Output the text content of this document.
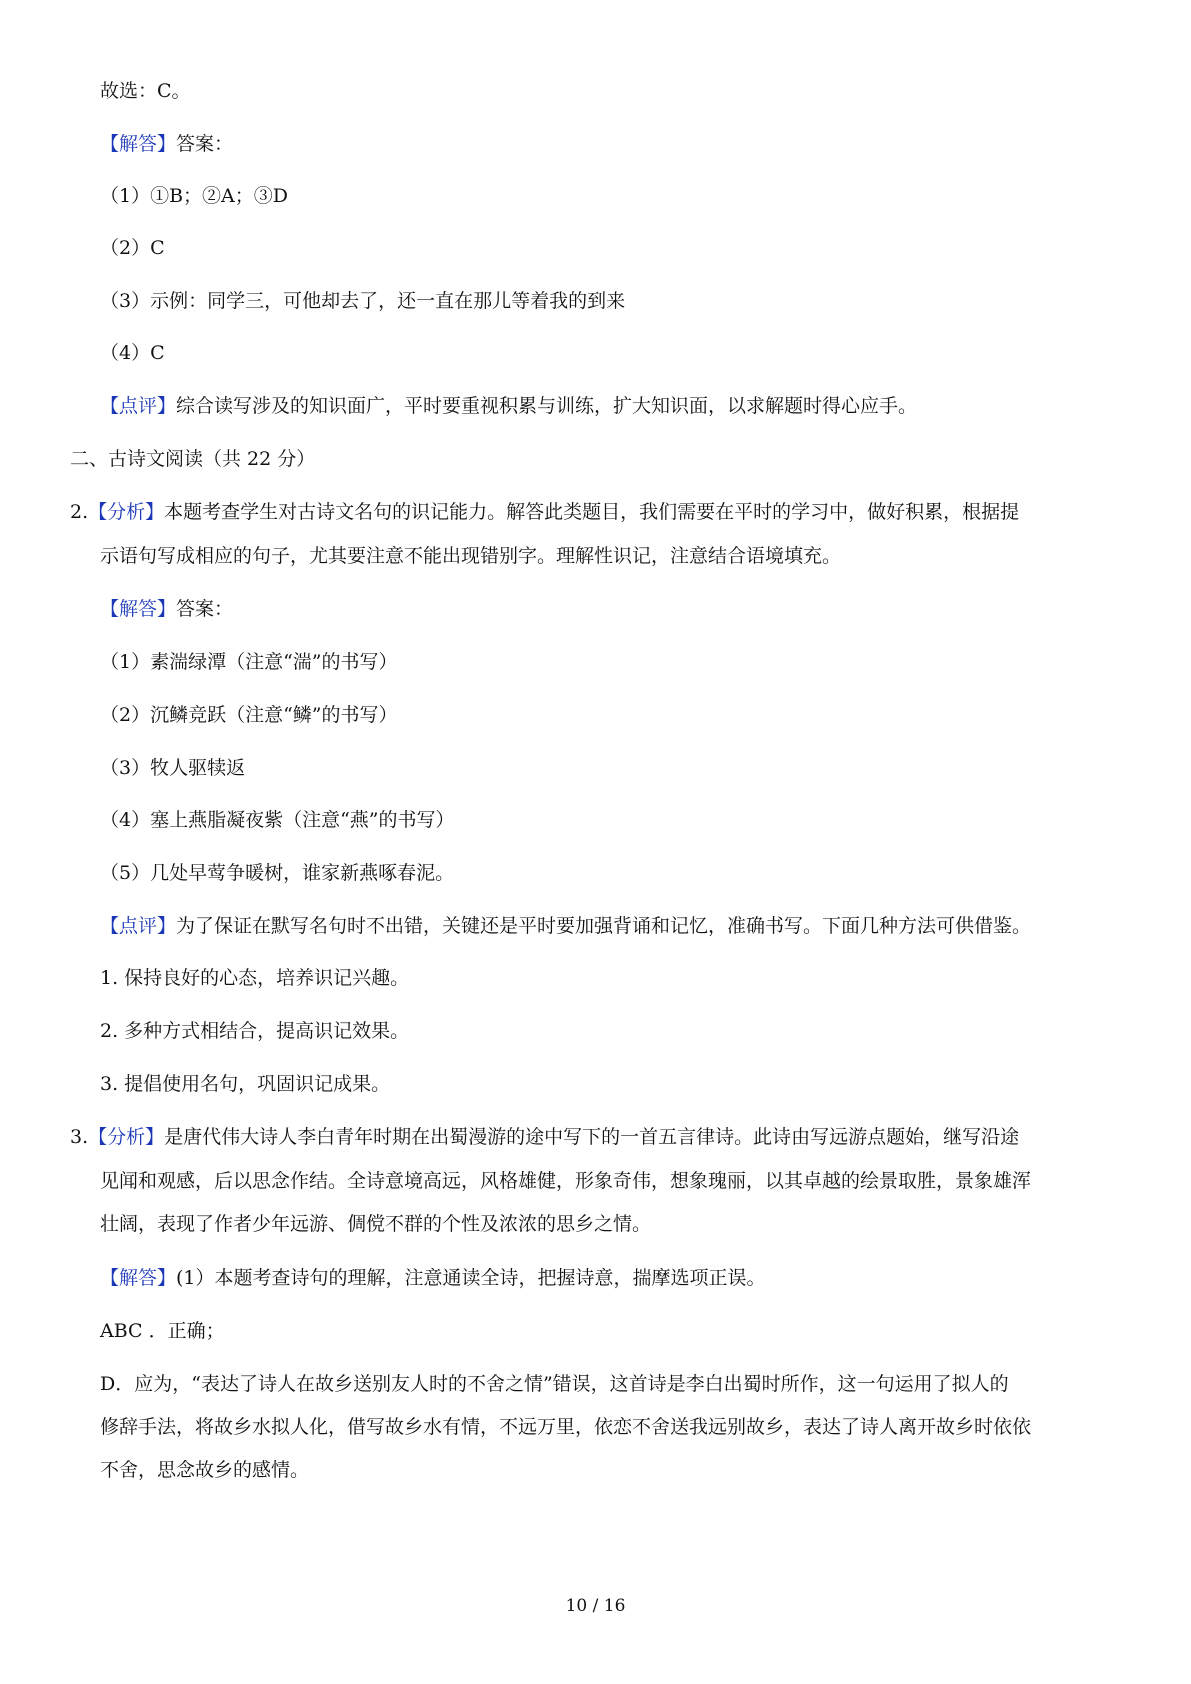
故选：C。
【解答】答案：
（1）①B；②A；③D
（2）C
（3）示例：同学三，可他却去了，还一直在那儿等着我的到来
（4）C
【点评】综合读写涉及的知识面广，平时要重视积累与训练，扩大知识面，以求解题时得心应手。
二、古诗文阅读（共 22 分）
2.【分析】本题考查学生对古诗文名句的识记能力。解答此类题目，我们需要在平时的学习中，做好积累，根据提
示语句写成相应的句子，尤其要注意不能出现错别字。理解性识记，注意结合语境填充。
【解答】答案：
（1）素湍绿潭（注意“湍”的书写）
（2）沉鳞竞跃（注意“鳞”的书写）
（3）牧人驱犊返
（4）塞上燕脂凝夜紫（注意“燕”的书写）
（5）几处早莺争暖树，谁家新燕啄春泥。
【点评】为了保证在默写名句时不出错，关键还是平时要加强背诵和记忆，准确书写。下面几种方法可供借鉴。
1. 保持良好的心态，培养识记兴趣。
2. 多种方式相结合，提高识记效果。
3. 提倡使用名句，巩固识记成果。
3.【分析】是唐代伟大诗人李白青年时期在出蜀漫游的途中写下的一首五言律诗。此诗由写远游点题始，继写沿途
见闻和观感，后以思念作结。全诗意境高远，风格雄健，形象奇伟，想象瑰丽，以其卓越的绘景取胜，景象雄浑
壮阔，表现了作者少年远游、倜傥不群的个性及浓浓的思乡之情。
【解答】(1）本题考查诗句的理解，注意通读全诗，把握诗意，揣摩选项正误。
ABC ．正确；
D．应为，“表达了诗人在故乡送别友人时的不舍之情”错误，这首诗是李白出蜀时所作，这一句运用了拟人的
修辞手法，将故乡水拟人化，借写故乡水有情，不远万里，依恋不舍送我远别故乡，表达了诗人离开故乡时依依
不舍，思念故乡的感情。
10 / 16
